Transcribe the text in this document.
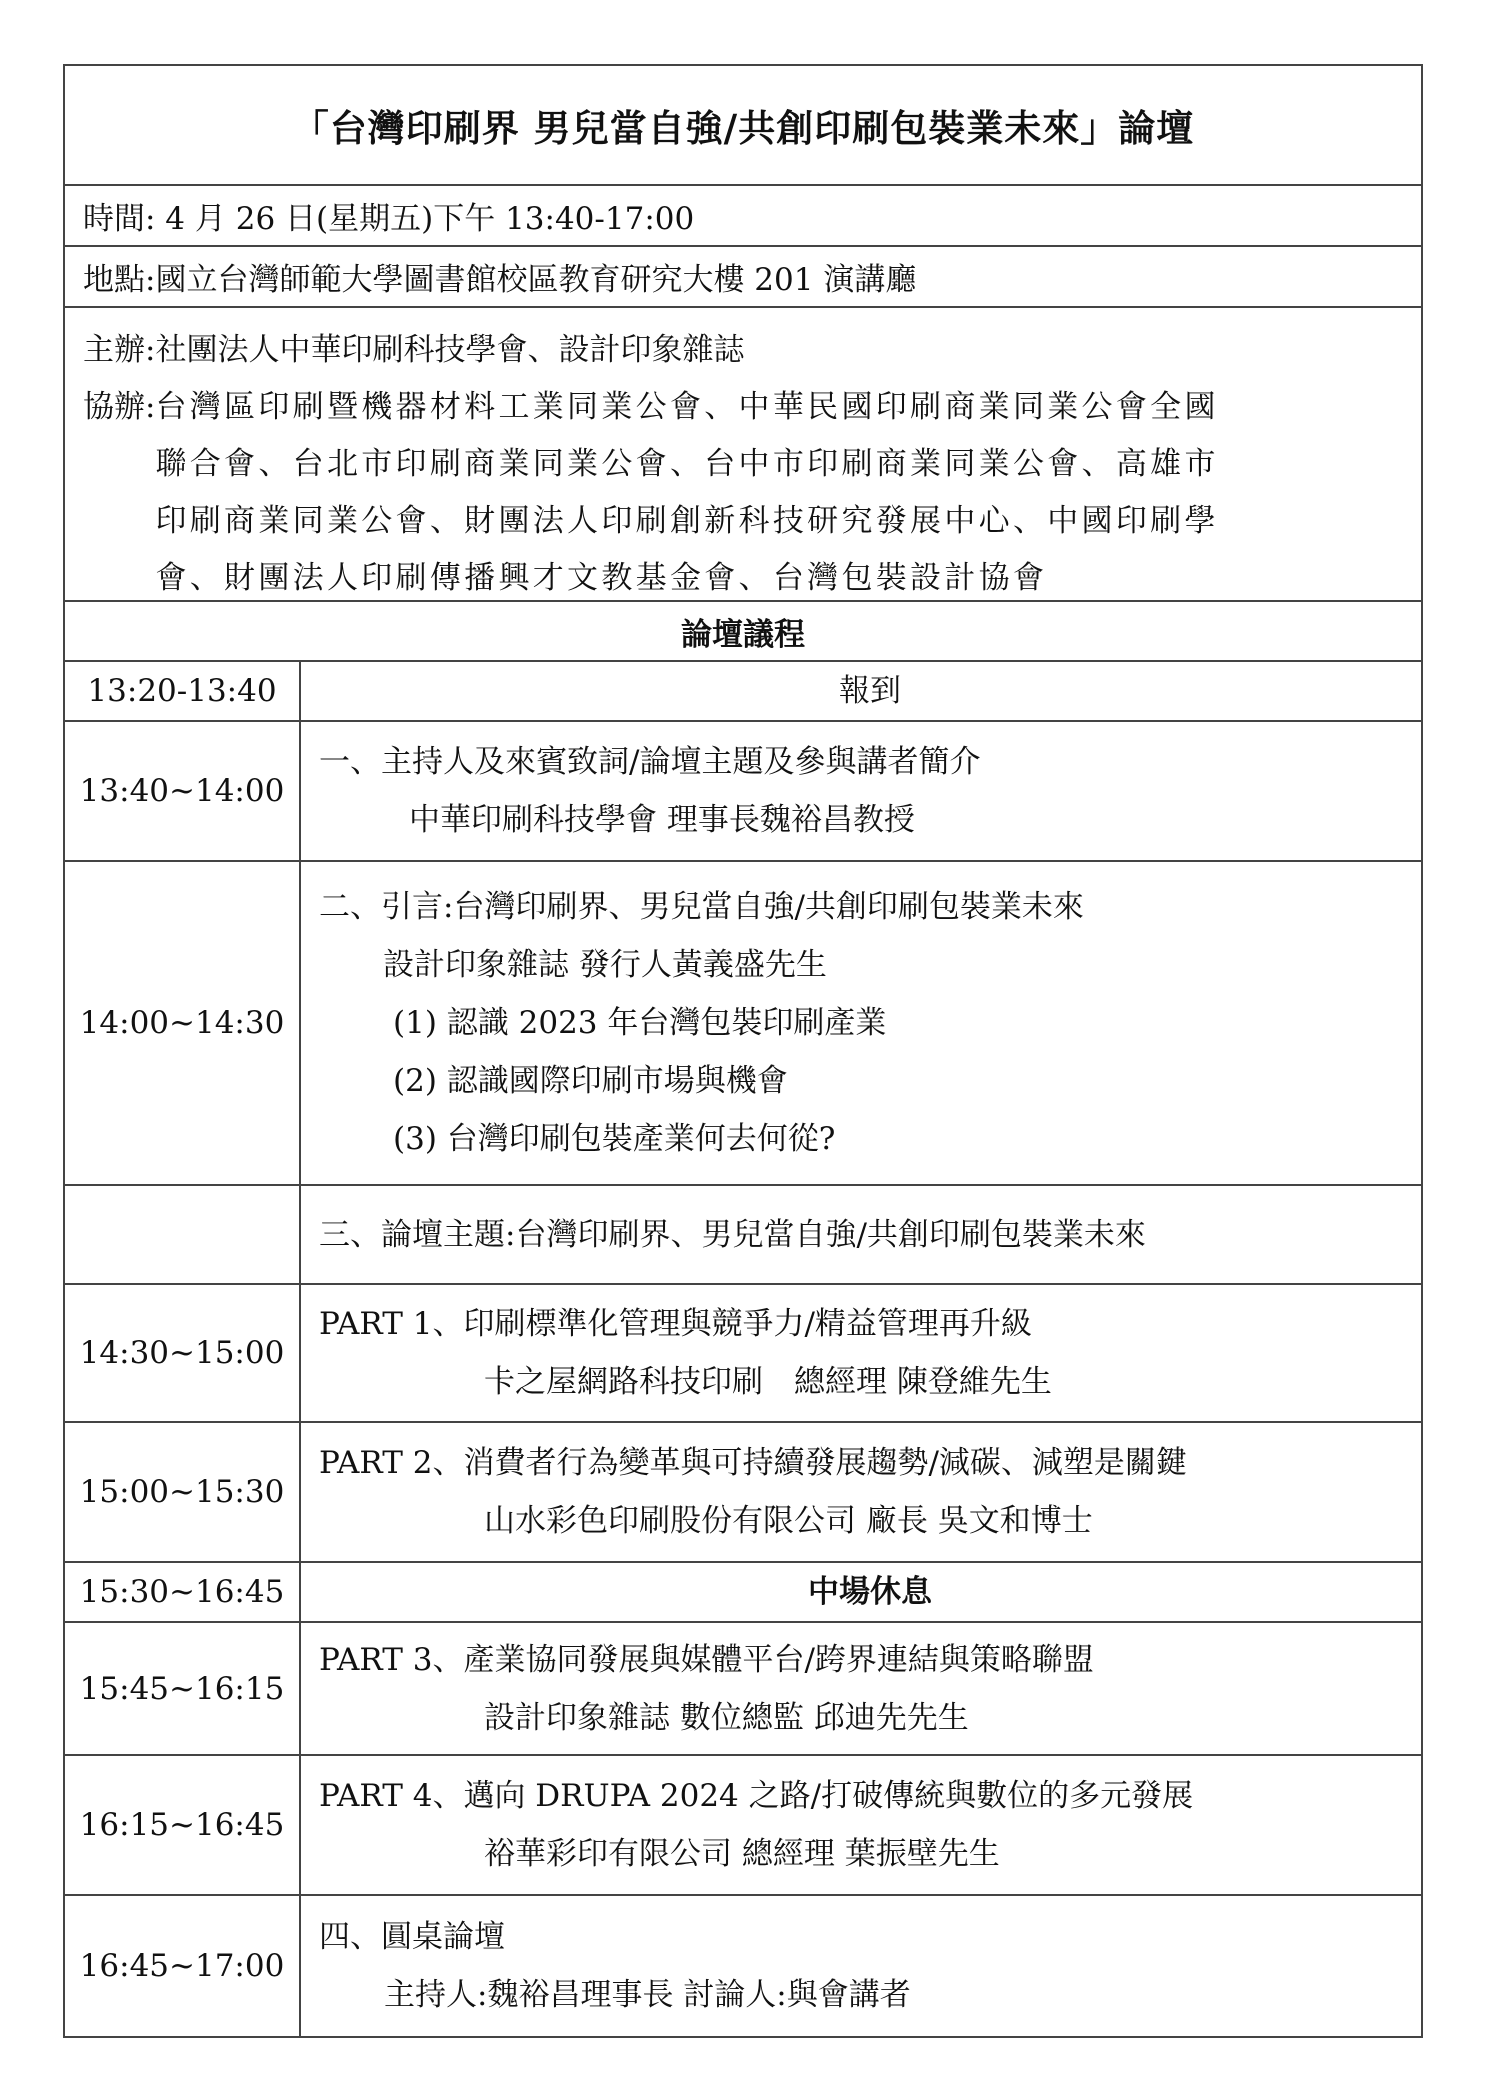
「台灣印刷界 男兒當自強/共創印刷包裝業未來」論壇
時間: 4 月 26 日(星期五)下午 13:40-17:00
地點:國立台灣師範大學圖書館校區教育研究大樓 201 演講廳
主辦:社團法人中華印刷科技學會、設計印象雜誌
協辦: 台灣區印刷暨機器材料工業同業公會、中華民國印刷商業同業公會全國
聯合會、台北市印刷商業同業公會、台中市印刷商業同業公會、高雄市
印刷商業同業公會、財團法人印刷創新科技研究發展中心、中國印刷學
會、財團法人印刷傳播興才文教基金會、台灣包裝設計協會
論壇議程
13:20-13:40	報到
13:40~14:00
一、主持人及來賓致詞/論壇主題及參與講者簡介
中華印刷科技學會 理事長魏裕昌教授
14:00~14:30
二、引言:台灣印刷界、男兒當自強/共創印刷包裝業未來
設計印象雜誌 發行人黃義盛先生
(1) 認識 2023 年台灣包裝印刷產業
(2) 認識國際印刷市場與機會
(3) 台灣印刷包裝產業何去何從?
三、論壇主題:台灣印刷界、男兒當自強/共創印刷包裝業未來
14:30~15:00
PART 1、印刷標準化管理與競爭力/精益管理再升級
卡之屋網路科技印刷　總經理 陳登維先生
15:00~15:30
PART 2、消費者行為變革與可持續發展趨勢/減碳、減塑是關鍵
山水彩色印刷股份有限公司 廠長 吳文和博士
15:30~16:45	中場休息
15:45~16:15
PART 3、產業協同發展與媒體平台/跨界連結與策略聯盟
設計印象雜誌 數位總監 邱迪先先生
16:15~16:45
PART 4、邁向 DRUPA 2024 之路/打破傳統與數位的多元發展
裕華彩印有限公司 總經理 葉振壁先生
16:45~17:00
四、圓桌論壇
主持人:魏裕昌理事長 討論人:與會講者
